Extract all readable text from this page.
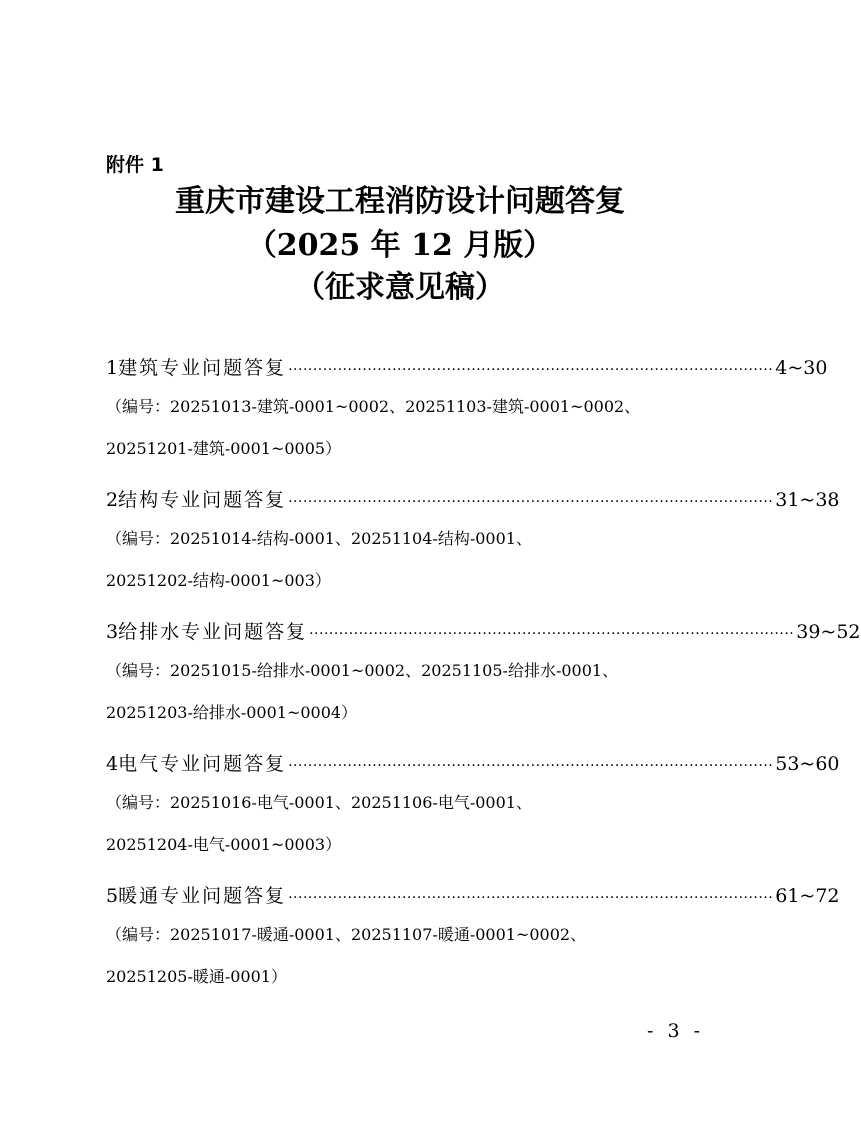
附件 1
重庆市建设工程消防设计问题答复
（2025 年 12 月版）
（征求意见稿）
1 建筑专业问题答复 ·································································································· 4~30
（编号：20251013-建筑-0001~0002、20251103-建筑-0001~0002、
20251201-建筑-0001~0005）
2 结构专业问题答复 ·································································································· 31~38
（编号：20251014-结构-0001、20251104-结构-0001、
20251202-结构-0001~003）
3 给排水专业问题答复 ·································································································· 39~52
（编号：20251015-给排水-0001~0002、20251105-给排水-0001、
20251203-给排水-0001~0004）
4 电气专业问题答复 ·································································································· 53~60
（编号：20251016-电气-0001、20251106-电气-0001、
20251204-电气-0001~0003）
5 暖通专业问题答复 ·································································································· 61~72
（编号：20251017-暖通-0001、20251107-暖通-0001~0002、
20251205-暖通-0001）
- 3 -
